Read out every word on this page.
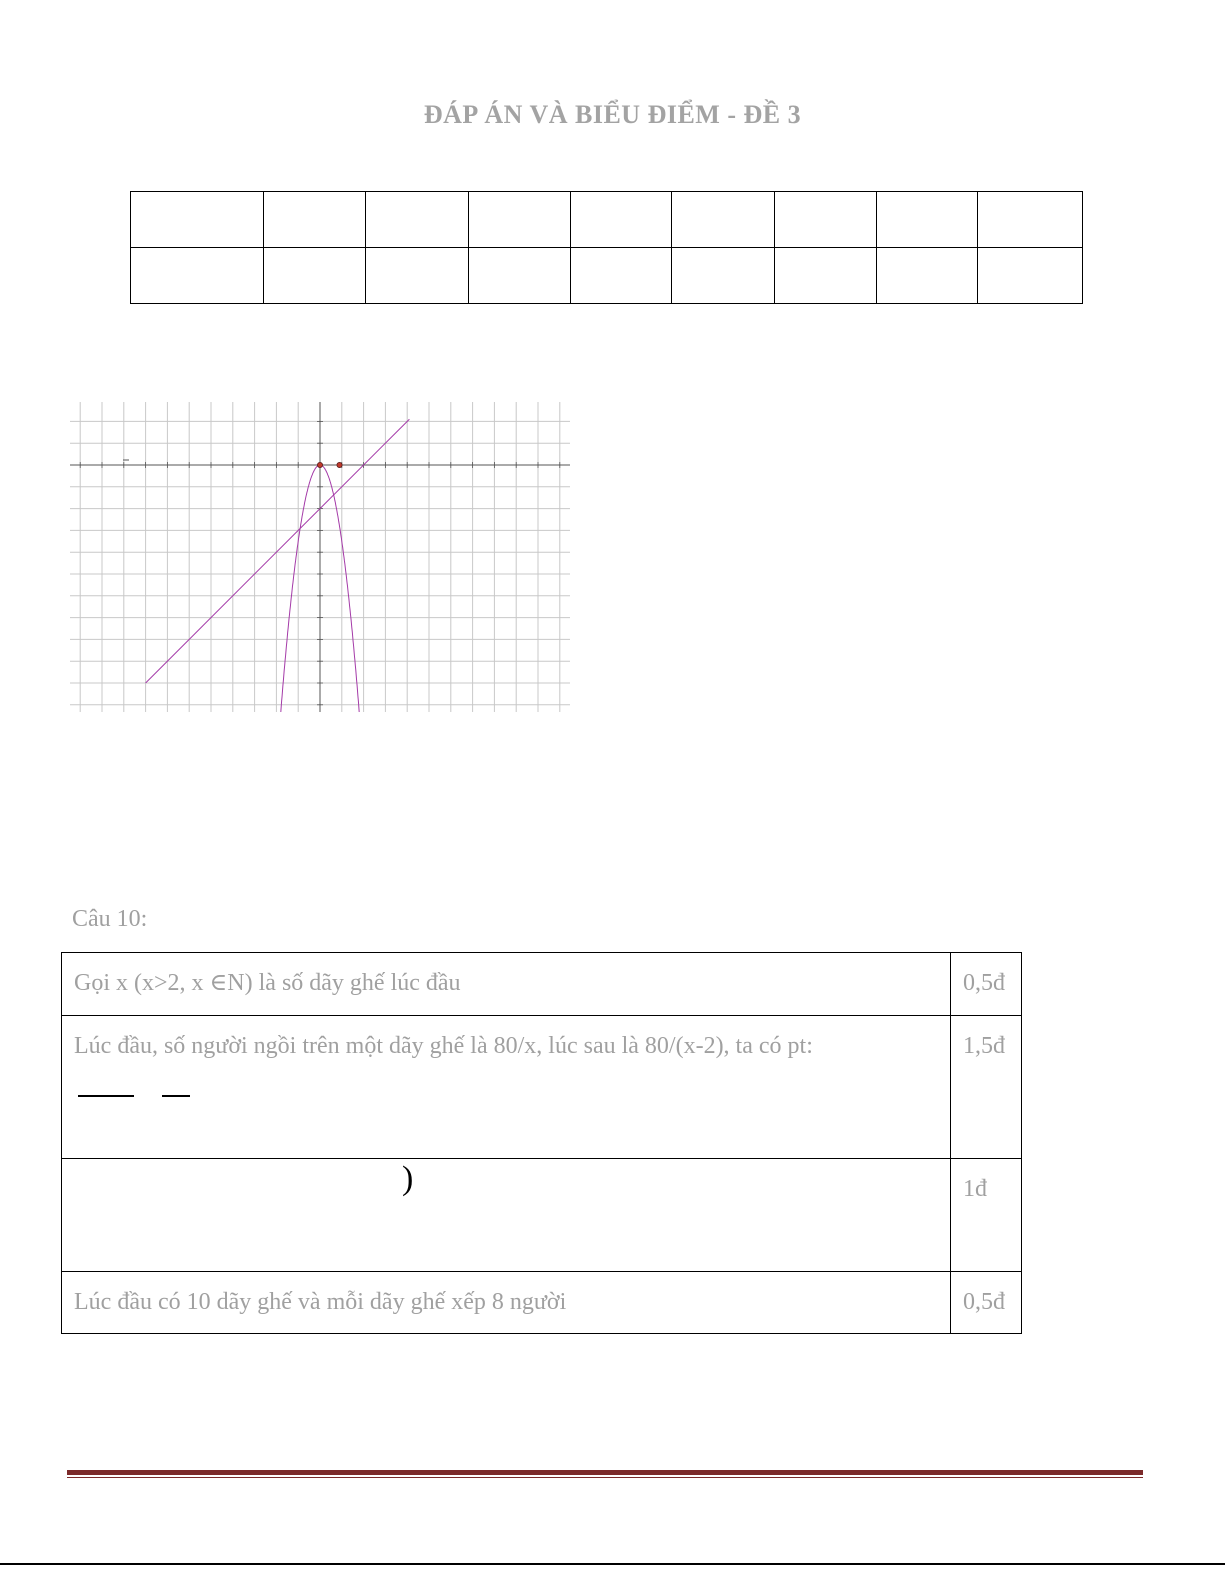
ĐÁP ÁN VÀ BIỂU ĐIỂM - ĐỀ 3

Câu 10:
Gọi x (x>2, x ∈N) là số dãy ghế lúc đầu	0,5đ

Lúc đầu, số người ngồi trên một dãy ghế là 80/x, lúc sau là 80/(x-2), ta có pt:	1,5đ

)	1đ
Lúc đầu có 10 dãy ghế và mỗi dãy ghế xếp 8 người	0,5đ
